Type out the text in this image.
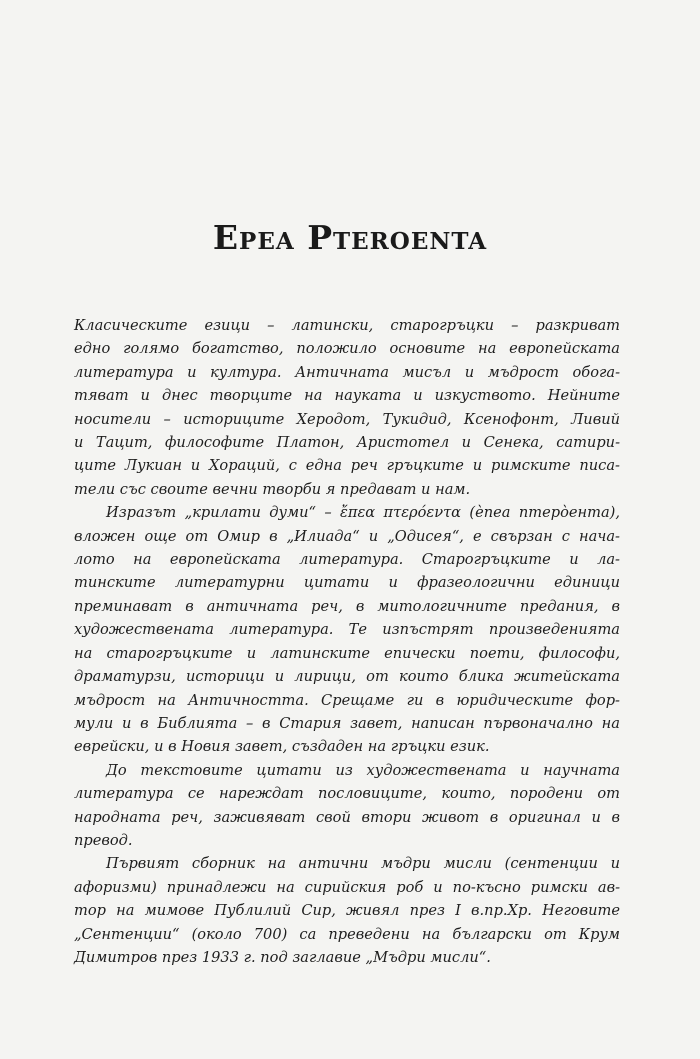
Epea Pteroenta
Класическите езици – латински, старогръцки – разкриват
едно голямо богатство, положило основите на европейската
литература и култура. Античната мисъл и мъдрост обога-
тяват и днес творците на науката и изкуството. Нейните
носители – историците Херодот, Тукидид, Ксенофонт, Ливий
и Тацит, философите Платон, Аристотел и Сенека, сатири-
ците Лукиан и Хораций, с една реч гръцките и римските писа-
тели със своите вечни творби я предават и нам.
Изразът „крилати думи“ – ἔπεα πτερόεντα (èпеа птерòента),
вложен още от Омир в „Илиада“ и „Одисея“, е свързан с нача-
лото на европейската литература. Старогръцките и ла-
тинските литературни цитати и фразеологични единици
преминават в античната реч, в митологичните предания, в
художествената литература. Те изпъстрят произведенията
на старогръцките и латинските епически поети, философи,
драматурзи, историци и лирици, от които блика житейската
мъдрост на Античността. Срещаме ги в юридическите фор-
мули и в Библията – в Стария завет, написан първоначално на
еврейски, и в Новия завет, създаден на гръцки език.
До текстовите цитати из художествената и научната
литература се нареждат пословиците, които, породени от
народната реч, заживяват свой втори живот в оригинал и в
превод.
Първият сборник на антични мъдри мисли (сентенции и
афоризми) принадлежи на сирийския роб и по-късно римски ав-
тор на мимове Публилий Сир, живял през I в.пр.Хр. Неговите
„Сентенции“ (около 700) са преведени на български от Крум
Димитров през 1933 г. под заглавие „Мъдри мисли“.
